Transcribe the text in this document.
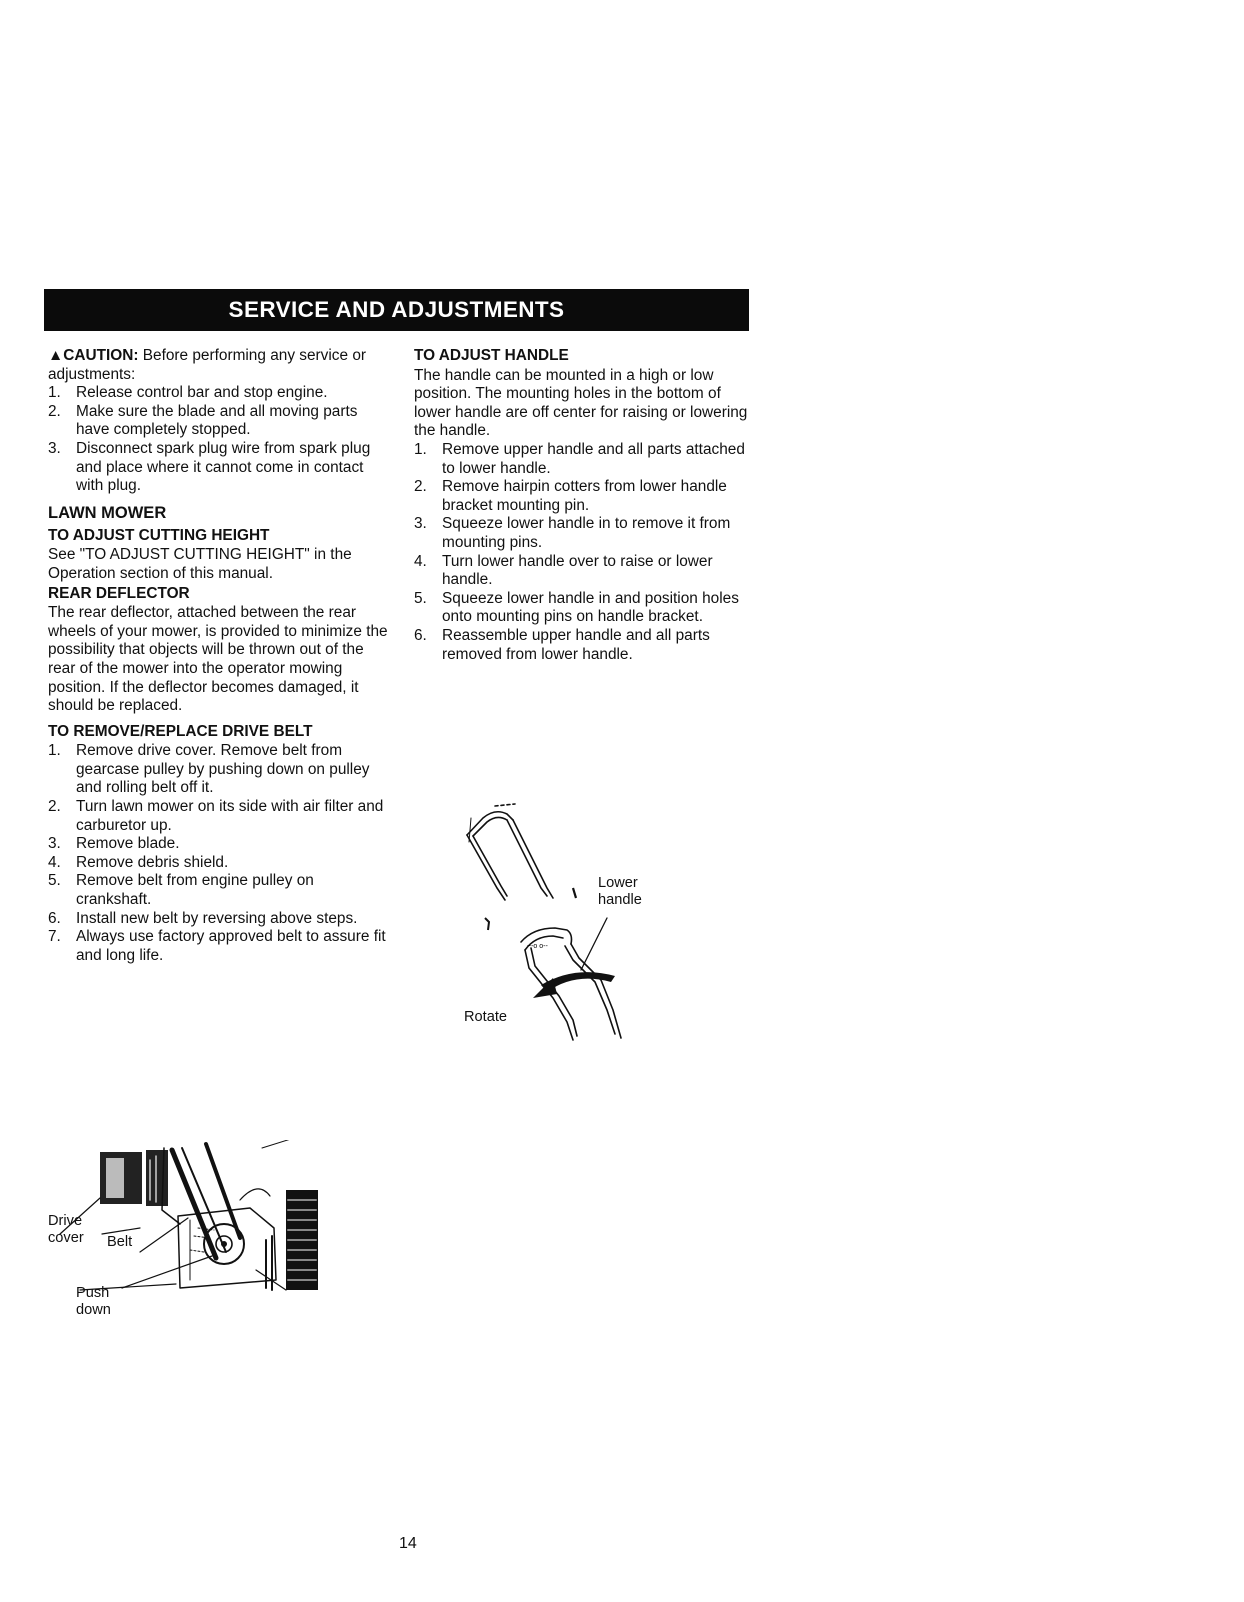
SERVICE AND ADJUSTMENTS

▲CAUTION: Before performing any service or adjustments:

1. Release control bar and stop engine.
2. Make sure the blade and all moving parts have completely stopped.
3. Disconnect spark plug wire from spark plug and place where it cannot come in contact with plug.
LAWN MOWER
TO ADJUST CUTTING HEIGHT

See "TO ADJUST CUTTING HEIGHT" in the Operation section of this manual.

REAR DEFLECTOR

The rear deflector, attached between the rear wheels of your mower, is provided to minimize the possibility that objects will be thrown out of the rear of the mower into the operator mowing position. If the deflector becomes damaged, it should be replaced.

TO REMOVE/REPLACE DRIVE BELT
1. Remove drive cover. Remove belt from gearcase pulley by pushing down on pulley and rolling belt off it.
2. Turn lawn mower on its side with air filter and carburetor up.
3. Remove blade.
4. Remove debris shield.
5. Remove belt from engine pulley on crankshaft.
6. Install new belt by reversing above steps.
7. Always use factory approved belt to assure fit and long life.
TO ADJUST HANDLE

The handle can be mounted in a high or low position. The mounting holes in the bottom of lower handle are off center for raising or lowering the handle.

1. Remove upper handle and all parts attached to lower handle.
2. Remove hairpin cotters from lower handle bracket mounting pin.
3. Squeeze lower handle in to remove it from mounting pins.
4. Turn lower handle over to raise or lower handle.
5. Squeeze lower handle in and position holes onto mounting pins on handle bracket.
6. Reassemble upper handle and all parts removed from lower handle.
~-o o--
Lower
handle
Rotate
Drive
cover Belt
Push
down
14
